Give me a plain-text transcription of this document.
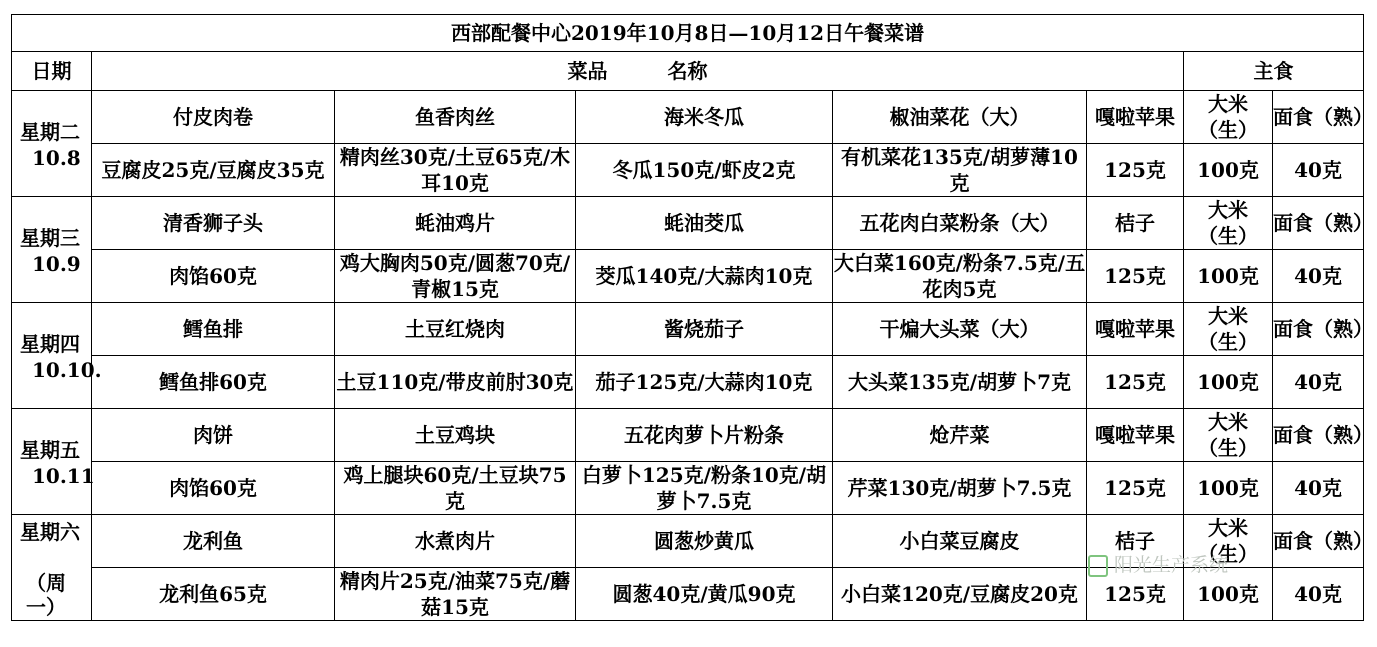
西部配餐中心2019年10月8日—10月12日午餐菜谱							
日期	菜品 名称					主食	

星期二
10.8	付皮肉卷	鱼香肉丝	海米冬瓜	椒油菜花（大）	嘎啦苹果	大米（生）	面食（熟）

	豆腐皮25克/豆腐皮35克	精肉丝30克/土豆65克/木耳10克	冬瓜150克/虾皮2克	有机菜花135克/胡萝薄10克	125克	100克	40克

星期三
10.9	清香狮子头	蚝油鸡片	蚝油茭瓜	五花肉白菜粉条（大）	桔子	大米（生）	面食（熟）

	肉馅60克	鸡大胸肉50克/圆葱70克/青椒15克	茭瓜140克/大蒜肉10克	大白菜160克/粉条7.5克/五花肉5克	125克	100克	40克

星期四
10.10.	鳕鱼排	土豆红烧肉	酱烧茄子	干煸大头菜（大）	嘎啦苹果	大米（生）	面食（熟）

	鳕鱼排60克	土豆110克/带皮前肘30克	茄子125克/大蒜肉10克	大头菜135克/胡萝卜7克	125克	100克	40克

星期五
10.11	肉饼	土豆鸡块	五花肉萝卜片粉条	炝芹菜	嘎啦苹果	大米（生）	面食（熟）

	肉馅60克	鸡上腿块60克/土豆块75克	白萝卜125克/粉条10克/胡萝卜7.5克	芹菜130克/胡萝卜7.5克	125克	100克	40克

星期六
（周一）	龙利鱼	水煮肉片	圆葱炒黄瓜	小白菜豆腐皮	桔子	大米（生）	面食（熟）

	龙利鱼65克	精肉片25克/油菜75克/蘑菇15克	圆葱40克/黄瓜90克	小白菜120克/豆腐皮20克	125克	100克	40克
阳光生产系统
